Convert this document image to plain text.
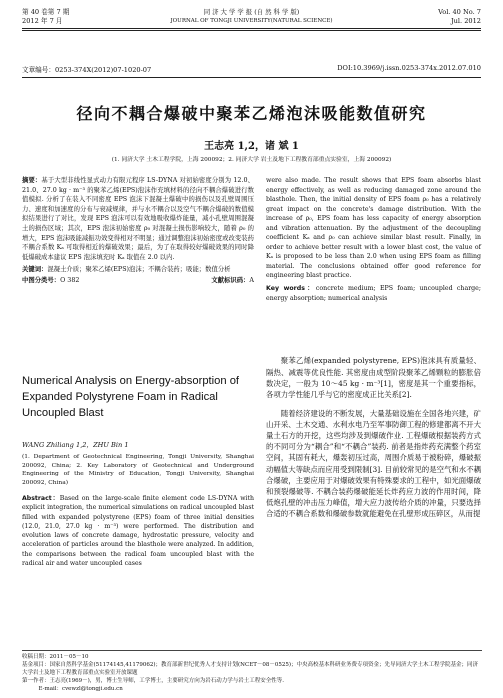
第 40 卷第 7 期
2012 年 7 月
同 济 大 学 学 报 (自 然 科 学 版)
JOURNAL OF TONGJI UNIVERSITY(NATURAL SCIENCE)
Vol. 40 No. 7
Jul. 2012
文章编号：0253-374X(2012)07-1020-07	DOI:10.3969/j.issn.0253-374x.2012.07.010
径向不耦合爆破中聚苯乙烯泡沫吸能数值研究
王志亮 1,2，诸 斌 1
(1. 同济大学 土木工程学院，上海 200092；2. 同济大学 岩土及地下工程教育部重点实验室，上海 200092)

摘要：基于大型非线性显式动力有限元程序 LS-DYNA 对初始密度分别为 12.0、21.0、27.0 kg · m⁻³ 的聚苯乙烯(EPS)泡沫作充填材料的径向不耦合爆破进行数值模拟. 分析了在装入不同密度 EPS 泡沫下混凝土爆破中的损伤以及孔壁周围压力、速度和加速度的分布与衰减规律，并与水不耦合以及空气不耦合爆破的数值模拟结果进行了对比，发现 EPS 泡沫可以有效地吸收爆炸能量，减小孔壁周围混凝土的损伤区域；其次，EPS 泡沫初始密度 ρ₀ 对混凝土损伤影响较大，随着 ρ₀ 的增大，EPS 泡沫吸能减振功效变得相对不明显；通过调整泡沫初始密度或改变装药不耦合系数 Kₐ 可取得相近的爆破效果；最后，为了在取得较好爆破效果的同时降低爆破成本建议 EPS 泡沫填充时 Kₐ 取值在 2.0 以内.

关键词：混凝土介质；聚苯乙烯(EPS)泡沫；不耦合装药；吸能；数值分析

中图分类号：O 382	文献标识码：A

Numerical Analysis on Energy-absorption of Expanded Polystyrene Foam in Radical Uncoupled Blast
WANG Zhiliang 1,2，ZHU Bin 1
(1. Department of Geotechnical Engineering, Tongji University, Shanghai 200092, China; 2. Key Laboratory of Geotechnical and Underground Engineering of the Ministry of Education, Tongji University, Shanghai 200092, China)

Abstract：Based on the large-scale finite element code LS-DYNA with explicit integration, the numerical simulations on radical uncoupled blast filled with expanded polystyrene (EPS) foam of three initial densities (12.0, 21.0, 27.0 kg · m⁻³) were performed. The distribution and evolution laws of concrete damage, hydrostatic pressure, velocity and acceleration of particles around the blasthole were analyzed. In addition, the comparisons between the radical foam uncoupled blast with the radical air and water uncoupled cases

were also made. The result shows that EPS foam absorbs blast energy effectively, as well as reducing damaged zone around the blasthole. Then, the initial density of EPS foam ρ₀ has a relatively great impact on the concrete's damage distribution. With the increase of ρ₀, EPS foam has less capacity of energy absorption and vibration attenuation. By the adjustment of the decoupling coefficient Kₐ and ρ₀ can achieve similar blast result. Finally, in order to achieve better result with a lower blast cost, the value of Kₐ is proposed to be less than 2.0 when using EPS foam as filling material. The conclusions obtained offer good reference for engineering blast practice.

Key words：concrete medium; EPS foam; uncoupled charge; energy absorption; numerical analysis

聚苯乙烯(expanded polystyrene, EPS)泡沫具有质量轻、隔热、减震等优良性能. 其密度由成型阶段聚苯乙烯颗粒的膨胀倍数决定，一般为 10～45 kg · m⁻³[1]，密度是其一个重要指标，各项力学性能几乎与它的密度成正比关系[2].

随着经济建设的不断发展，大量基础设施在全国各地兴建，矿山开采、土木交通、水利水电乃至军事防御工程的修建都离不开大量土石方的开挖，这些均涉及到爆破作业. 工程爆破根据装药方式的不同可分为“耦合”和“不耦合”装药. 前者是指炸药充满整个药室空间，其固有耗大，爆轰初压过高，周围介质易于被粉碎，爆破振动幅值大等缺点而应用受到限制[3]. 目前较常见的是空气和水不耦合爆破，主要应用于对爆破效果有特殊要求的工程中，如光面爆破和预裂爆破等. 不耦合装药爆破能延长炸药应力波的作用时间，降低炮孔壁的冲击压力峰值，增大应力波传给介质的冲量，只要选择合适的不耦合系数和爆破参数就能避免在孔壁形成压碎区，从而提

收稿日期：2011－05－10
基金项目：国家自然科学基金(51174145,41179062)；教育部新世纪优秀人才支持计划(NCET－08－0525)；中央高校基本科研业务费专项资金；先导同济大学土木工程学院基金；同济大学岩土及地下工程教育部重点实验室开放课题
第一作者：王志亮(1969－)，男，博士生导师，工学博士，主要研究方向为岩石动力学与岩土工程安全性等.
E-mail：cvewzl@tongji.edu.cn
